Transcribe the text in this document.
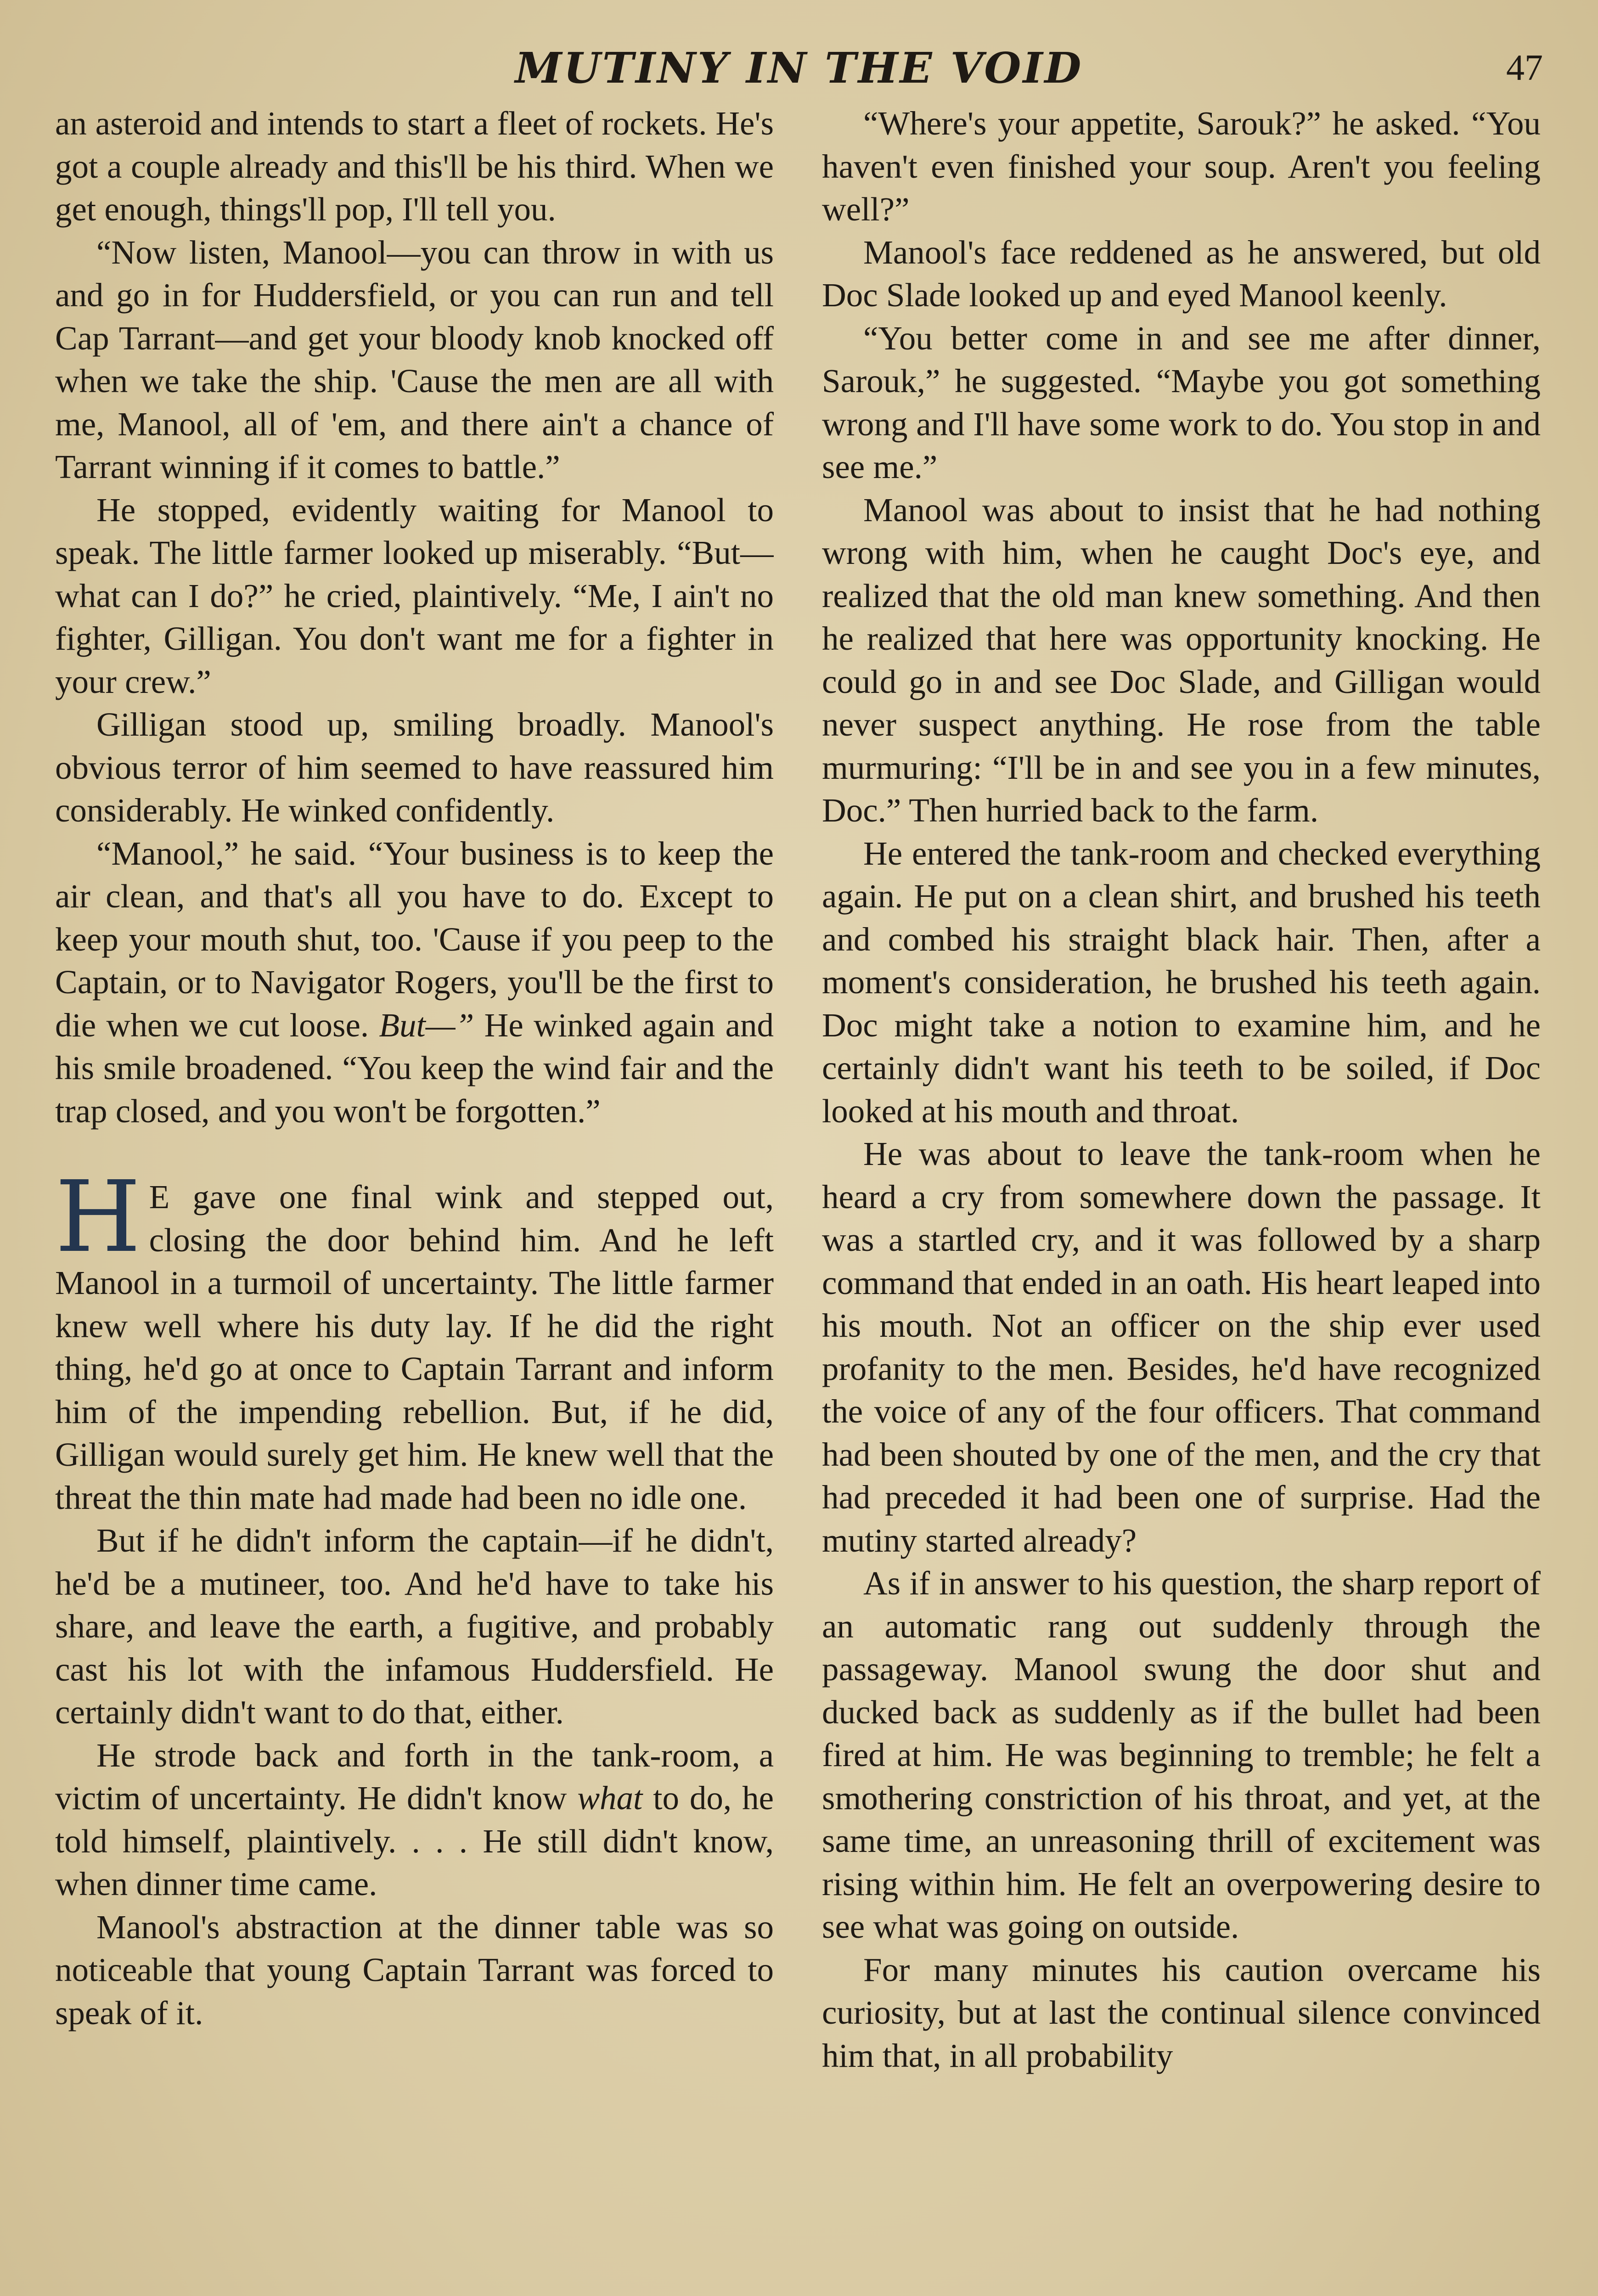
MUTINY IN THE VOID	47

an asteroid and intends to start a fleet of rockets. He's got a couple already and this'll be his third. When we get enough, things'll pop, I'll tell you.

“Now listen, Manool—you can throw in with us and go in for Huddersfield, or you can run and tell Cap Tarrant—and get your bloody knob knocked off when we take the ship. 'Cause the men are all with me, Manool, all of 'em, and there ain't a chance of Tarrant winning if it comes to battle.”

He stopped, evidently waiting for Manool to speak. The little farmer looked up miserably. “But—what can I do?” he cried, plaintively. “Me, I ain't no fighter, Gilligan. You don't want me for a fighter in your crew.”

Gilligan stood up, smiling broadly. Manool's obvious terror of him seemed to have reassured him considerably. He winked confidently.

“Manool,” he said. “Your business is to keep the air clean, and that's all you have to do. Except to keep your mouth shut, too. 'Cause if you peep to the Captain, or to Navigator Rogers, you'll be the first to die when we cut loose. But—” He winked again and his smile broadened. “You keep the wind fair and the trap closed, and you won't be forgotten.”

H E gave one final wink and stepped out, closing the door behind him. And he left Manool in a turmoil of uncertainty. The little farmer knew well where his duty lay. If he did the right thing, he'd go at once to Captain Tarrant and inform him of the impending rebellion. But, if he did, Gilligan would surely get him. He knew well that the threat the thin mate had made had been no idle one.

But if he didn't inform the captain—if he didn't, he'd be a mutineer, too. And he'd have to take his share, and leave the earth, a fugitive, and probably cast his lot with the infamous Huddersfield. He certainly didn't want to do that, either.

He strode back and forth in the tank-room, a victim of uncertainty. He didn't know what to do, he told himself, plaintively. . . . He still didn't know, when dinner time came.

Manool's abstraction at the dinner table was so noticeable that young Captain Tarrant was forced to speak of it.

“Where's your appetite, Sarouk?” he asked. “You haven't even finished your soup. Aren't you feeling well?”

Manool's face reddened as he answered, but old Doc Slade looked up and eyed Manool keenly.

“You better come in and see me after dinner, Sarouk,” he suggested. “Maybe you got something wrong and I'll have some work to do. You stop in and see me.”

Manool was about to insist that he had nothing wrong with him, when he caught Doc's eye, and realized that the old man knew something. And then he realized that here was opportunity knocking. He could go in and see Doc Slade, and Gilligan would never suspect anything. He rose from the table murmuring: “I'll be in and see you in a few minutes, Doc.” Then hurried back to the farm.

He entered the tank-room and checked everything again. He put on a clean shirt, and brushed his teeth and combed his straight black hair. Then, after a moment's consideration, he brushed his teeth again. Doc might take a notion to examine him, and he certainly didn't want his teeth to be soiled, if Doc looked at his mouth and throat.

He was about to leave the tank-room when he heard a cry from somewhere down the passage. It was a startled cry, and it was followed by a sharp command that ended in an oath. His heart leaped into his mouth. Not an officer on the ship ever used profanity to the men. Besides, he'd have recognized the voice of any of the four officers. That command had been shouted by one of the men, and the cry that had preceded it had been one of surprise. Had the mutiny started already?

As if in answer to his question, the sharp report of an automatic rang out suddenly through the passageway. Manool swung the door shut and ducked back as suddenly as if the bullet had been fired at him. He was beginning to tremble; he felt a smothering constriction of his throat, and yet, at the same time, an unreasoning thrill of excitement was rising within him. He felt an overpowering desire to see what was going on outside.

For many minutes his caution overcame his curiosity, but at last the continual silence convinced him that, in all probability
